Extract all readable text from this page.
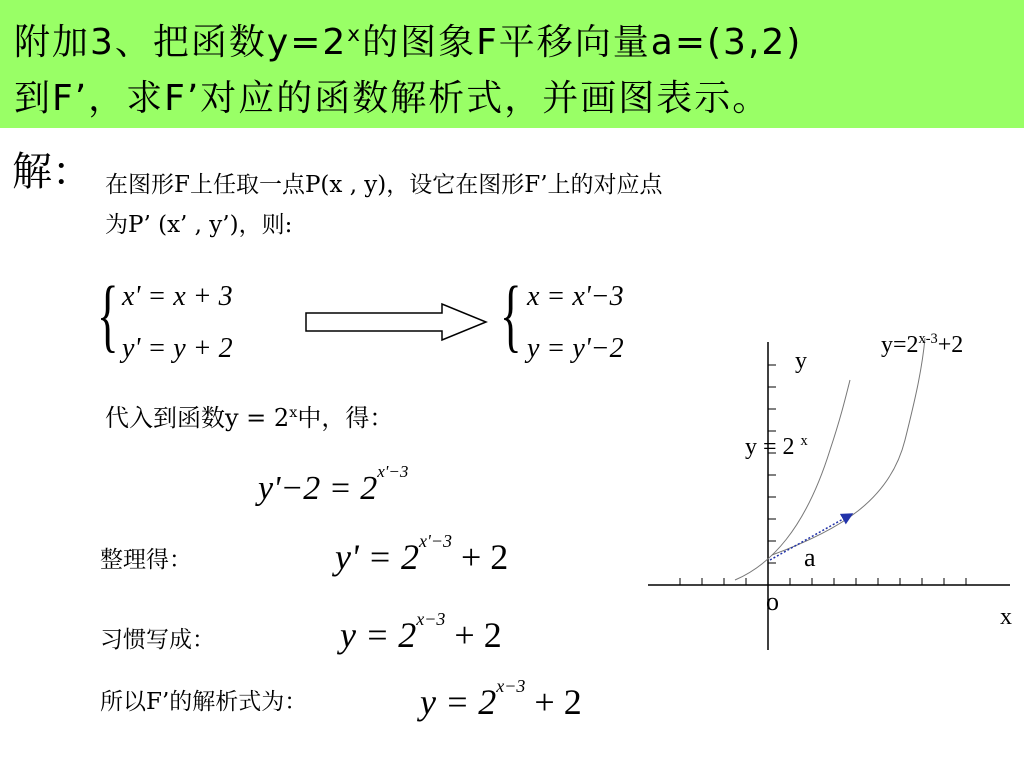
附加3、把函数$y=2^x$的图象F平移向量a=(3,2)
到F’，求F’对应的函数解析式，并画图表示。
解： 在图形F上任取一点P(x , y)，设它在图形F’上的对应点
为P’ (x’ , y’)，则:
{ x' = x + 3
y' = y + 2	{ x = x'−3
y = y'−2
代入到函数$y = 2^x$中，得：
$y'-2 = 2^{x'-3}$
整理得：	$y' = 2^{x'-3} + 2$
习惯写成：	$y = 2^{x-3} + 2$
所以F’的解析式为：	$y = 2^{x-3} + 2$
y
x
o
a
y = 2 $^x$
$y=2^{x-3}+2$
